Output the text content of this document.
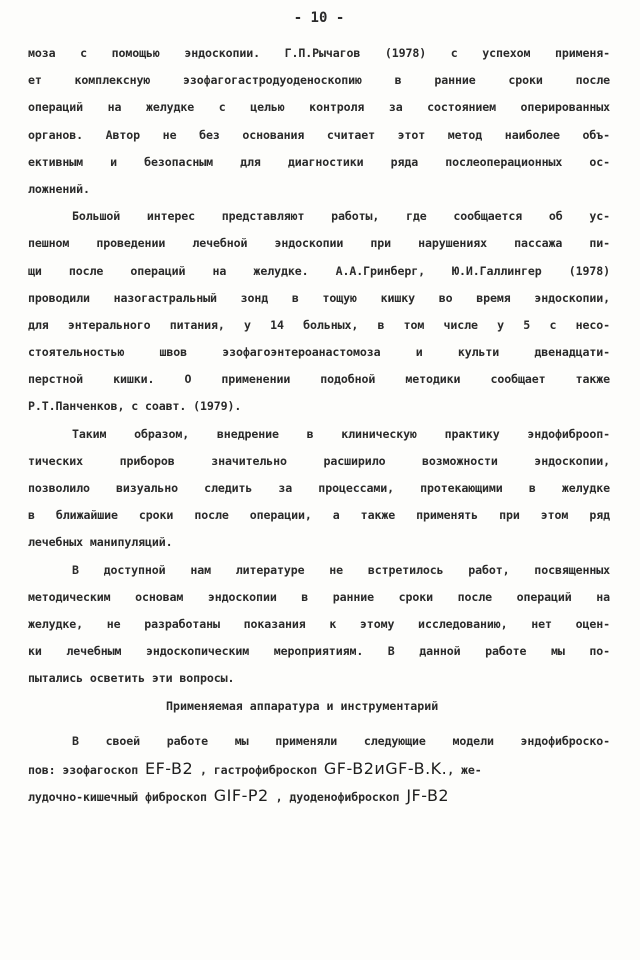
- 10 -
моза с помощью эндоскопии. Г.П.Рычагов (1978) с успехом применя-
ет комплексную эзофагогастродуоденоскопию в ранние сроки после
операций на желудке с целью контроля за состоянием оперированных
органов. Автор не без основания считает этот метод наиболее объ-
ективным и безопасным для диагностики ряда послеоперационных ос-
ложнений.
Большой интерес представляют работы, где сообщается об ус-
пешном проведении лечебной эндоскопии при нарушениях пассажа пи-
щи после операций на желудке. А.А.Гринберг, Ю.И.Галлингер (1978)
проводили назогастральный зонд в тощую кишку во время эндоскопии,
для энтерального питания, у 14 больных, в том числе у 5 с несо-
стоятельностью швов эзофагоэнтероанастомоза и культи двенадцати-
перстной кишки. О применении подобной методики сообщает также
Р.Т.Панченков, с соавт. (1979).
Таким образом, внедрение в клиническую практику эндофиброоп-
тических приборов значительно расширило возможности эндоскопии,
позволило визуально следить за процессами, протекающими в желудке
в ближайшие сроки после операции, а также применять при этом ряд
лечебных манипуляций.
В доступной нам литературе не встретилось работ, посвященных
методическим основам эндоскопии в ранние сроки после операций на
желудке, не разработаны показания к этому исследованию, нет оцен-
ки лечебным эндоскопическим мероприятиям. В данной работе мы по-
пытались осветить эти вопросы.
Применяемая аппаратура и инструментарий
В своей работе мы применяли следующие модели эндофиброско-
пов: эзофагоскоп EF-B2 , гастрофиброскоп GF-B2иGF-B.K., же-
лудочно-кишечный фиброскоп GIF-P2 , дуоденофиброскоп JF-B2
